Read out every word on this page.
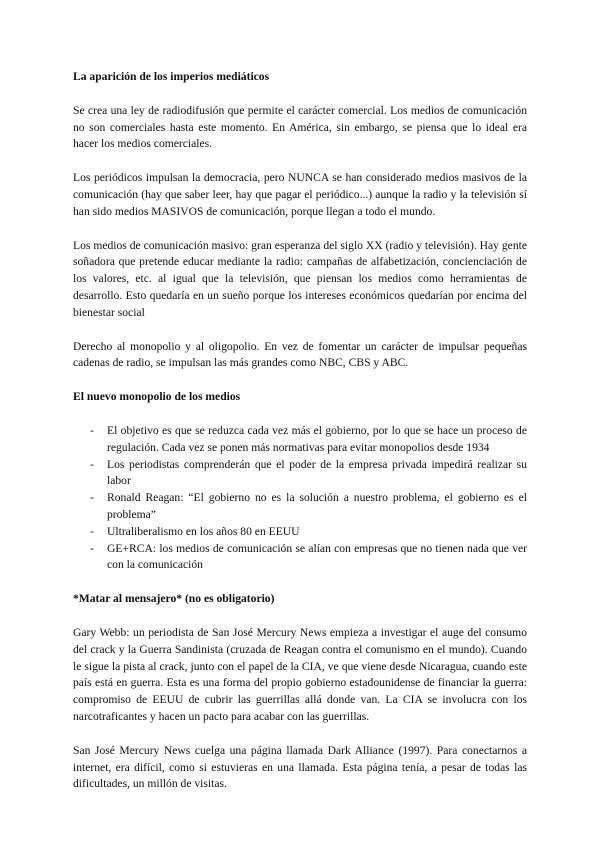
La aparición de los imperios mediáticos

Se crea una ley de radiodifusión que permite el carácter comercial. Los medios de comunicación no son comerciales hasta este momento. En América, sin embargo, se piensa que lo ideal era hacer los medios comerciales.

Los periódicos impulsan la democracia, pero NUNCA se han considerado medios masivos de la comunicación (hay que saber leer, hay que pagar el periódico...) aunque la radio y la televisión sí han sido medios MASIVOS de comunicación, porque llegan a todo el mundo.

Los medios de comunicación masivo: gran esperanza del siglo XX (radio y televisión). Hay gente soñadora que pretende educar mediante la radio: campañas de alfabetización, concienciación de los valores, etc. al igual que la televisión, que piensan los medios como herramientas de desarrollo. Esto quedaría en un sueño porque los intereses económicos quedarían por encima del bienestar social

Derecho al monopolio y al oligopolio. En vez de fomentar un carácter de impulsar pequeñas cadenas de radio, se impulsan las más grandes como NBC, CBS y ABC.

El nuevo monopolio de los medios
- El objetivo es que se reduzca cada vez más el gobierno, por lo que se hace un proceso de regulación. Cada vez se ponen más normativas para evitar monopolios desde 1934
- Los periodistas comprenderán que el poder de la empresa privada impedirá realizar su labor
- Ronald Reagan: “El gobierno no es la solución a nuestro problema, el gobierno es el problema”
- Ultraliberalismo en los años 80 en EEUU
- GE+RCA: los medios de comunicación se alían con empresas que no tienen nada que ver con la comunicación
*Matar al mensajero* (no es obligatorio)

Gary Webb: un periodista de San José Mercury News empieza a investigar el auge del consumo del crack y la Guerra Sandinista (cruzada de Reagan contra el comunismo en el mundo). Cuando le sigue la pista al crack, junto con el papel de la CIA, ve que viene desde Nicaragua, cuando este país está en guerra. Esta es una forma del propio gobierno estadounidense de financiar la guerra: compromiso de EEUU de cubrir las guerrillas allá donde van. La CIA se involucra con los narcotraficantes y hacen un pacto para acabar con las guerrillas.

San José Mercury News cuelga una página llamada Dark Alliance (1997). Para conectarnos a internet, era difícil, como si estuvieras en una llamada. Esta página tenía, a pesar de todas las dificultades, un millón de visitas.
